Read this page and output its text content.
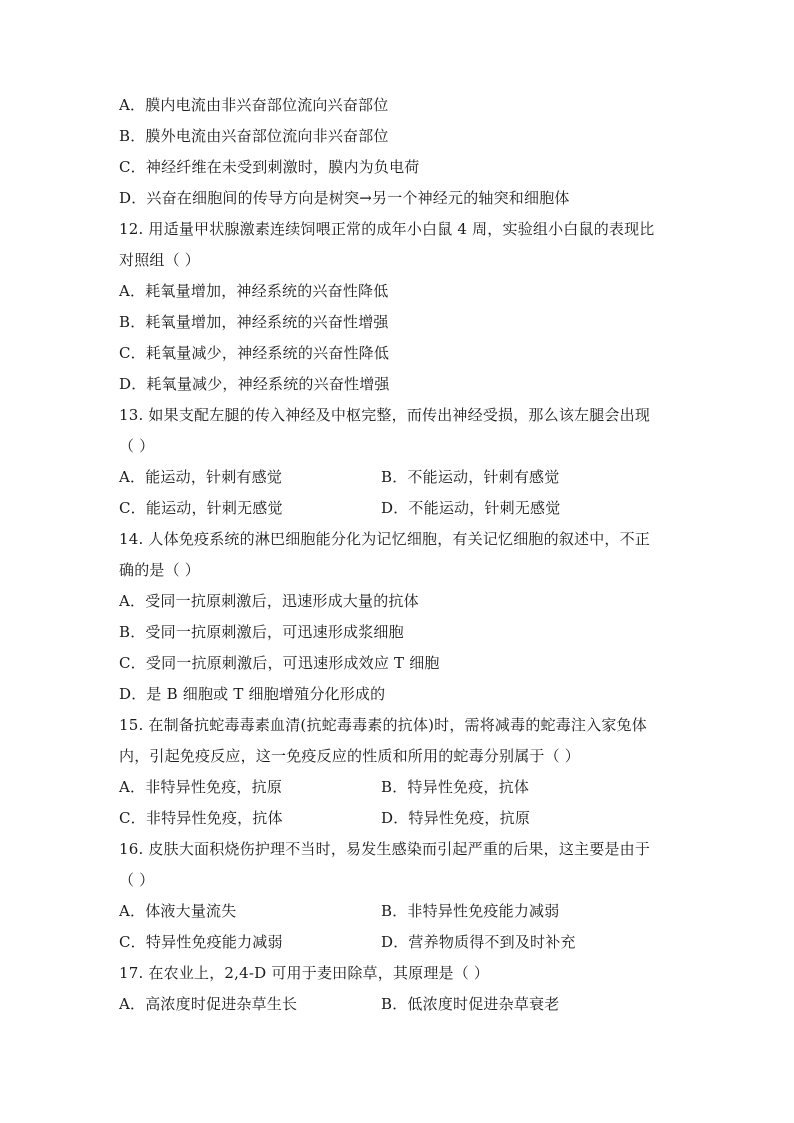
A．膜内电流由非兴奋部位流向兴奋部位
B．膜外电流由兴奋部位流向非兴奋部位
C．神经纤维在未受到刺激时，膜内为负电荷
D．兴奋在细胞间的传导方向是树突→另一个神经元的轴突和细胞体
12. 用适量甲状腺激素连续饲喂正常的成年小白鼠 4 周，实验组小白鼠的表现比
对照组（ ）
A．耗氧量增加，神经系统的兴奋性降低
B．耗氧量增加，神经系统的兴奋性增强
C．耗氧量减少，神经系统的兴奋性降低
D．耗氧量减少，神经系统的兴奋性增强
13. 如果支配左腿的传入神经及中枢完整，而传出神经受损，那么该左腿会出现
（ ）
A．能运动，针刺有感觉	B．不能运动，针刺有感觉
C．能运动，针刺无感觉	D．不能运动，针刺无感觉
14. 人体免疫系统的淋巴细胞能分化为记忆细胞，有关记忆细胞的叙述中，不正
确的是（ ）
A．受同一抗原刺激后，迅速形成大量的抗体
B．受同一抗原刺激后，可迅速形成浆细胞
C．受同一抗原刺激后，可迅速形成效应 T 细胞
D．是 B 细胞或 T 细胞增殖分化形成的
15. 在制备抗蛇毒毒素血清(抗蛇毒毒素的抗体)时，需将减毒的蛇毒注入家兔体
内，引起免疫反应，这一免疫反应的性质和所用的蛇毒分别属于（ ）
A．非特异性免疫，抗原	B．特异性免疫，抗体
C．非特异性免疫，抗体	D．特异性免疫，抗原
16. 皮肤大面积烧伤护理不当时，易发生感染而引起严重的后果，这主要是由于
（ ）
A．体液大量流失	B．非特异性免疫能力减弱
C．特异性免疫能力减弱	D．营养物质得不到及时补充
17. 在农业上，2,4-D 可用于麦田除草，其原理是（ ）
A．高浓度时促进杂草生长	B．低浓度时促进杂草衰老
